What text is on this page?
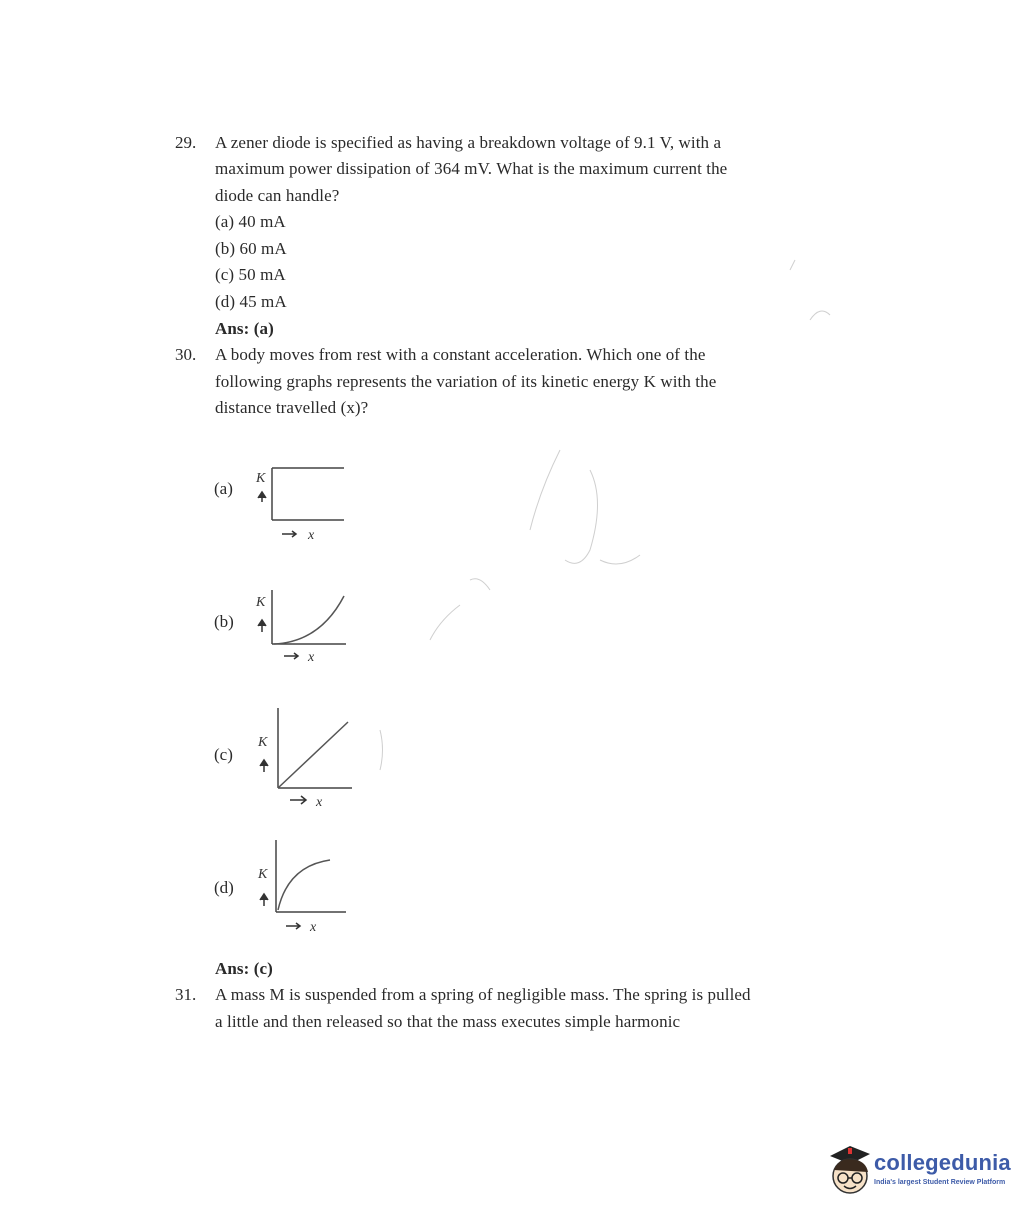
29. A zener diode is specified as having a breakdown voltage of 9.1 V, with a
maximum power dissipation of 364 mV. What is the maximum current the
diode can handle?
(a) 40 mA
(b) 60 mA
(c) 50 mA
(d) 45 mA
Ans: (a)
30. A body moves from rest with a constant acceleration. Which one of the
following graphs represents the variation of its kinetic energy K with the
distance travelled (x)?
(a)
K
x
(b)
K
x
(c)
K
x
(d)
K
x
Ans: (c)
31. A mass M is suspended from a spring of negligible mass. The spring is pulled
a little and then released so that the mass executes simple harmonic
collegedunia
India's largest Student Review Platform
